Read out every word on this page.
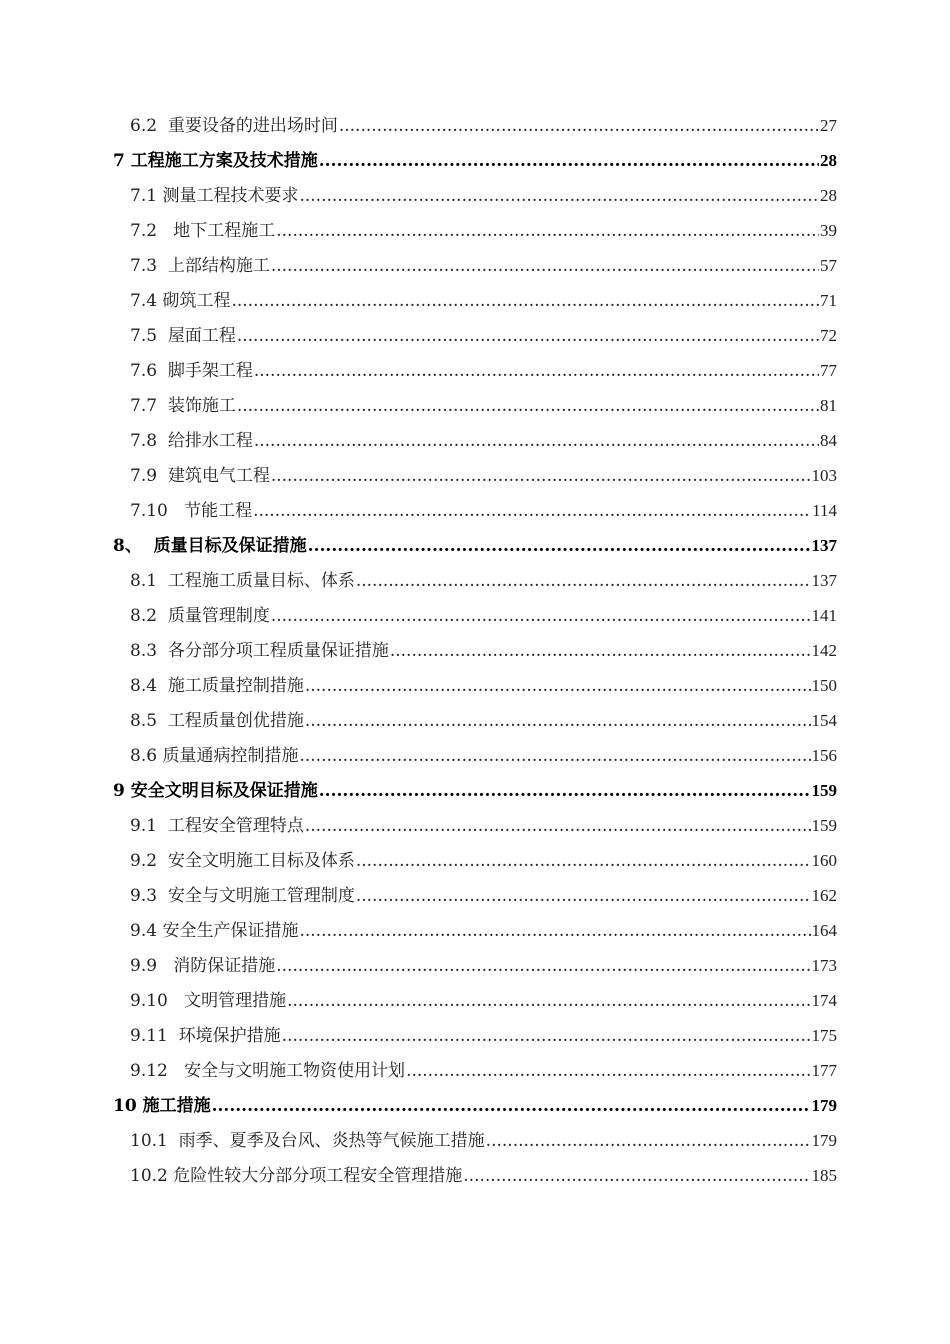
6.2  重要设备的进出场时间 .....	27
7 工程施工方案及技术措施 .....	28
7.1 测量工程技术要求 .....	28
7.2   地下工程施工 .....	39
7.3  上部结构施工 .....	57
7.4 砌筑工程 .....	71
7.5  屋面工程 .....	72
7.6  脚手架工程 .....	77
7.7  装饰施工 .....	81
7.8  给排水工程 .....	84
7.9  建筑电气工程 .....	103
7.10   节能工程 .....	114
8、  质量目标及保证措施 .....	137
8.1  工程施工质量目标、体系 .....	137
8.2  质量管理制度 .....	141
8.3  各分部分项工程质量保证措施 .....	142
8.4  施工质量控制措施 .....	150
8.5  工程质量创优措施 .....	154
8.6 质量通病控制措施 .....	156
9 安全文明目标及保证措施 .....	159
9.1  工程安全管理特点 .....	159
9.2  安全文明施工目标及体系 .....	160
9.3  安全与文明施工管理制度 .....	162
9.4 安全生产保证措施 .....	164
9.9   消防保证措施 .....	173
9.10   文明管理措施 .....	174
9.11  环境保护措施 .....	175
9.12   安全与文明施工物资使用计划 .....	177
10 施工措施 .....	179
10.1  雨季、夏季及台风、炎热等气候施工措施 .....	179
10.2 危险性较大分部分项工程安全管理措施 .....	185
